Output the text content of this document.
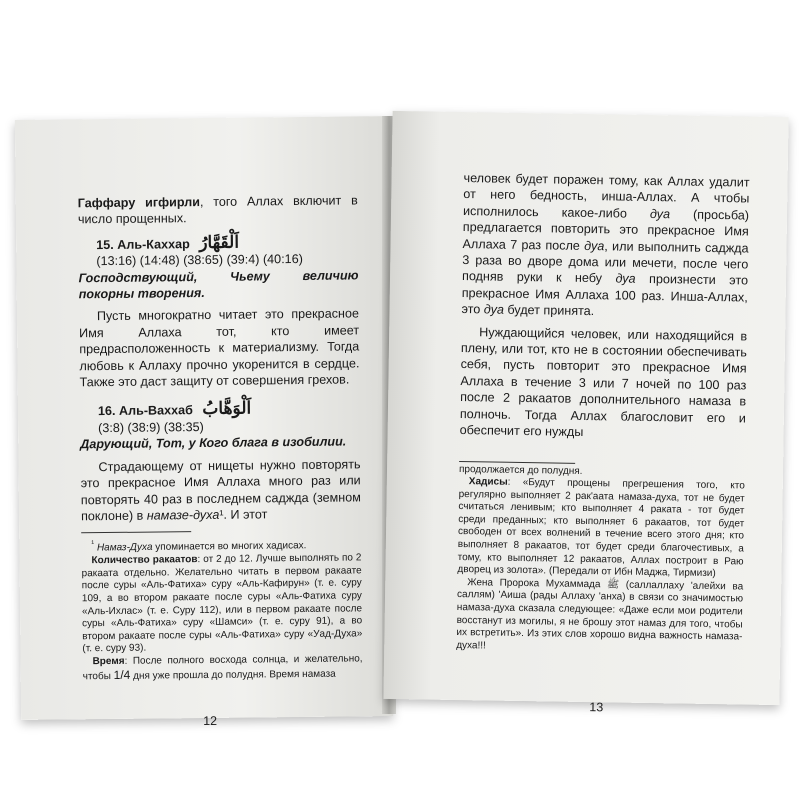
Гаффару игфирли, того Аллах включит в число прощенных.

15. Аль-Каххар اَلْقَهَّارُ
(13:16) (14:48) (38:65) (39:4) (40:16)

Господствующий, Чьему величию покорны творения.

Пусть многократно читает это прекрасное Имя Аллаха тот, кто имеет предрасположенность к материализму. Тогда любовь к Аллаху прочно укоренится в сердце. Также это даст защиту от совершения грехов.

16. Аль-Ваххаб اَلْوَهَّابُ
(3:8) (38:9) (38:35)

Дарующий, Тот, у Кого блага в изобилии.

Страдающему от нищеты нужно повторять это прекрасное Имя Аллаха много раз или повторять 40 раз в последнем саджда (земном поклоне) в намазе-духа¹. И этот

$^{^1}$ Намаз-Духа упоминается во многих хадисах.

Количество ракаатов: от 2 до 12. Лучше выполнять по 2 ракаата отдельно. Желательно читать в первом ракаате после суры «Аль-Фатиха» суру «Аль-Кафирун» (т. е. суру 109, а во втором ракаате после суры «Аль-Фатиха суру «Аль-Ихлас» (т. е. Суру 112), или в первом ракаате после суры «Аль-Фатиха» суру «Шамси» (т. е. суру 91), а во втором ракаате после суры «Аль-Фатиха» суру «Уад-Духа» (т. е. суру 93).

Время: После полного восхода солнца, и желательно, чтобы 1/4 дня уже прошла до полудня. Время намаза

12

человек будет поражен тому, как Аллах удалит от него бедность, инша-Аллах. А чтобы исполнилось какое-либо дуа (просьба) предлагается повторить это прекрасное Имя Аллаха 7 раз после дуа, или выполнить саджда 3 раза во дворе дома или мечети, после чего подняв руки к небу дуа произнести это прекрасное Имя Аллаха 100 раз. Инша-Аллах, это дуа будет принята.

Нуждающийся человек, или находящийся в плену, или тот, кто не в состоянии обеспечивать себя, пусть повторит это прекрасное Имя Аллаха в течение 3 или 7 ночей по 100 раз после 2 ракаатов дополнительного намаза в полночь. Тогда Аллах благословит его и обеспечит его нужды

продолжается до полудня.

Хадисы: «Будут прощены прегрешения того, кто регулярно выполняет 2 рак'аата намаза-духа, тот не будет считаться ленивым; кто выполняет 4 раката - тот будет среди преданных; кто выполняет 6 ракаатов, тот будет свободен от всех волнений в течение всего этого дня; кто выполняет 8 ракаатов, тот будет среди благочестивых, а тому, кто выполняет 12 ракаатов, Аллах построит в Раю дворец из золота». (Передали от Ибн Маджа, Тирмизи)

Жена Пророка Мухаммада ﷺ (саллаллаху 'алейхи ва саллям) 'Аиша (рады Аллаху 'анха) в связи со значимостью намаза-духа сказала следующее: «Даже если мои родители восстанут из могилы, я не брошу этот намаз для того, чтобы их встретить». Из этих слов хорошо видна важность намаза-духа!!!

13
